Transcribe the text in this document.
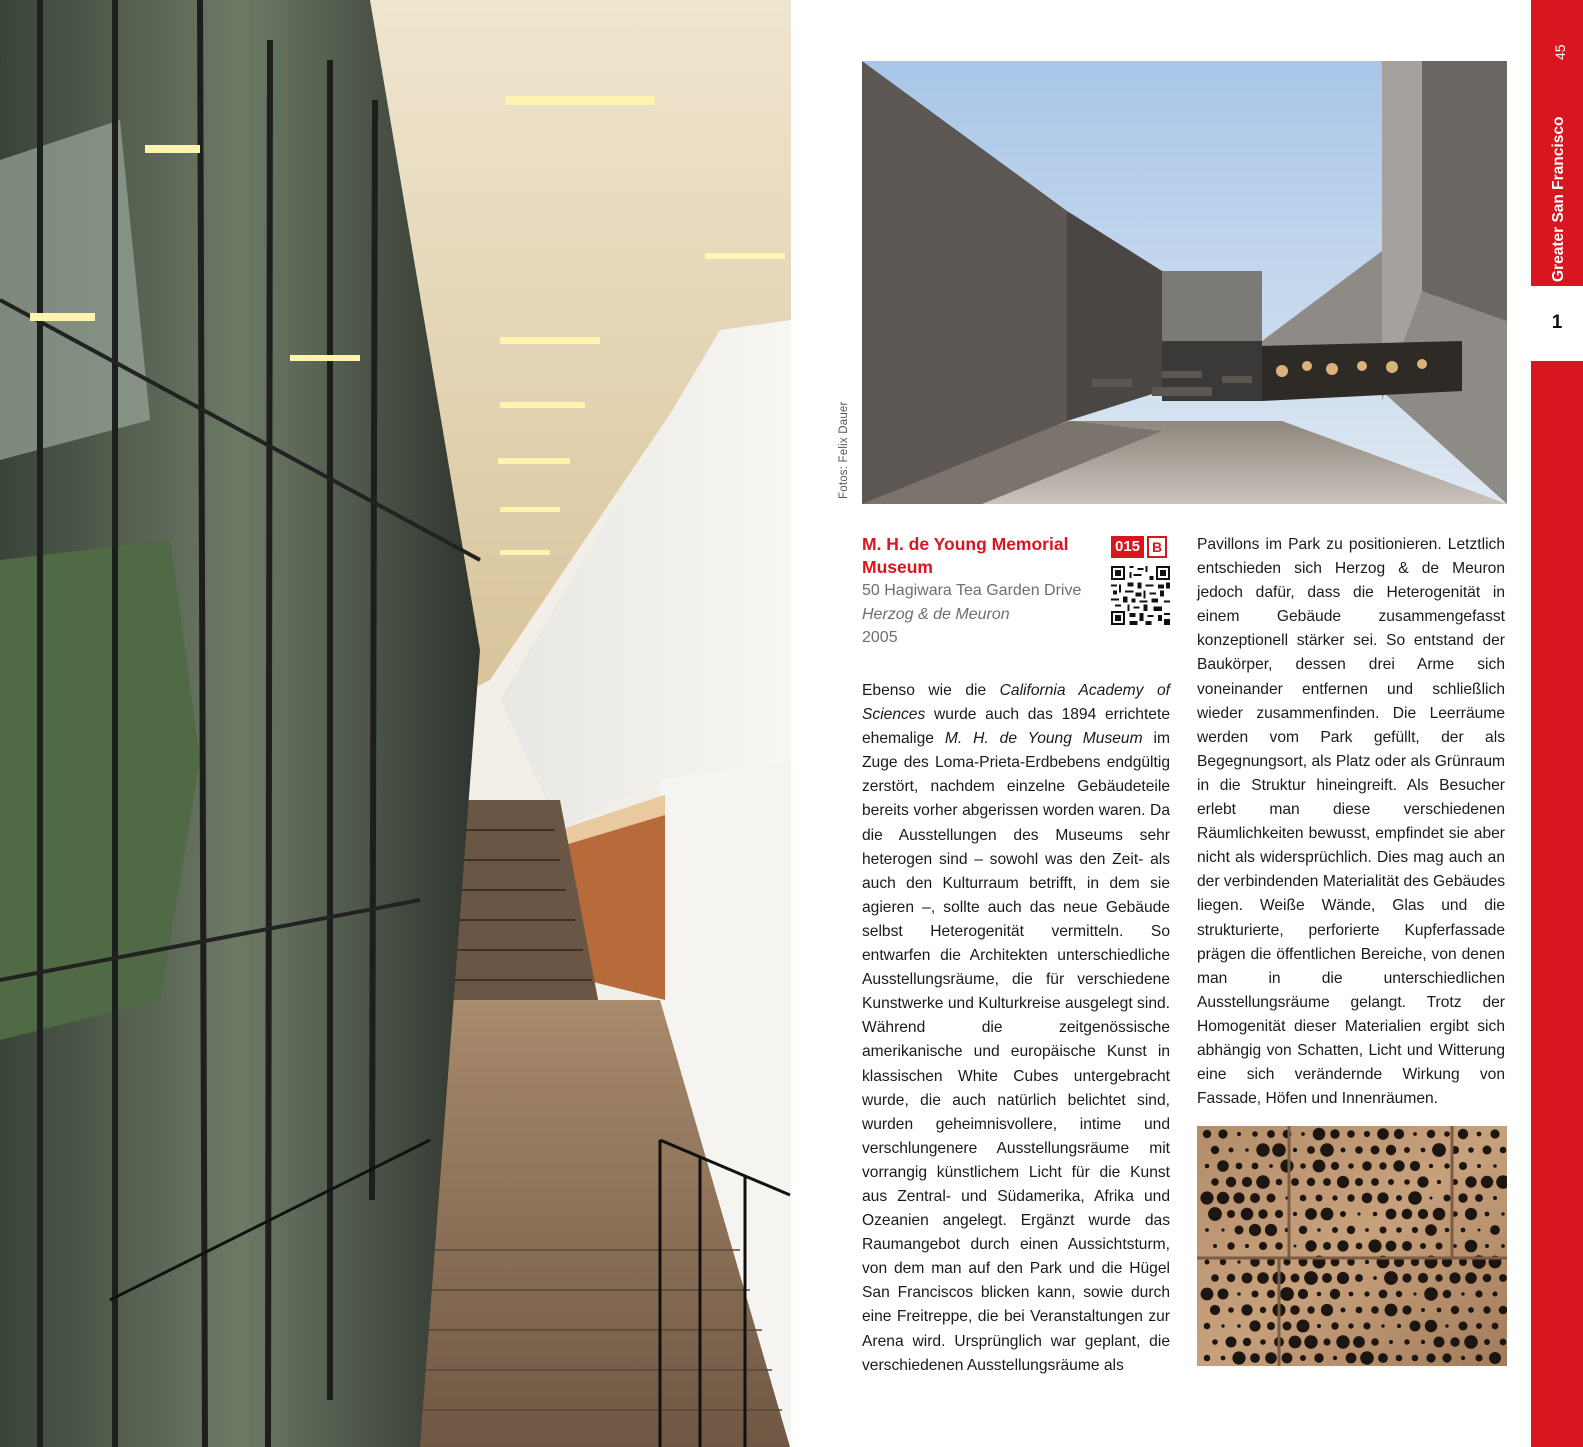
44
Fotos: Felix Dauer
M. H. de Young Memorial Museum
50 Hagiwara Tea Garden Drive
Herzog & de Meuron
2005
015 B
Ebenso wie die California Academy of Sciences wurde auch das 1894 errichtete ehemalige M. H. de Young Museum im Zuge des Loma-Prieta-Erdbebens endgültig zerstört, nachdem einzelne Gebäudeteile bereits vorher abgerissen worden waren. Da die Ausstellungen des Museums sehr heterogen sind – sowohl was den Zeit- als auch den Kulturraum betrifft, in dem sie agieren –, sollte auch das neue Gebäude selbst Heterogenität vermitteln. So entwarfen die Architekten unterschiedliche Ausstellungsräume, die für verschiedene Kunstwerke und Kulturkreise ausgelegt sind. Während die zeitgenössische amerikanische und europäische Kunst in klassischen White Cubes untergebracht wurde, die auch natürlich belichtet sind, wurden geheimnisvollere, intime und verschlungenere Ausstellungsräume mit vorrangig künstlichem Licht für die Kunst aus Zentral- und Südamerika, Afrika und Ozeanien angelegt. Ergänzt wurde das Raumangebot durch einen Aussichtsturm, von dem man auf den Park und die Hügel San Franciscos blicken kann, sowie durch eine Freitreppe, die bei Veranstaltungen zur Arena wird. Ursprünglich war geplant, die verschiedenen Ausstellungsräume als
Pavillons im Park zu positionieren. Letztlich entschieden sich Herzog & de Meuron jedoch dafür, dass die Heterogenität in einem Gebäude zusammengefasst konzeptionell stärker sei. So entstand der Baukörper, dessen drei Arme sich voneinander entfernen und schließlich wieder zusammenfinden. Die Leerräume werden vom Park gefüllt, der als Begegnungsort, als Platz oder als Grünraum in die Struktur hineingreift. Als Besucher erlebt man diese verschiedenen Räumlichkeiten bewusst, empfindet sie aber nicht als widersprüchlich. Dies mag auch an der verbindenden Materialität des Gebäudes liegen. Weiße Wände, Glas und die strukturierte, perforierte Kupferfassade prägen die öffentlichen Bereiche, von denen man in die unterschiedlichen Ausstellungsräume gelangt. Trotz der Homogenität dieser Materialien ergibt sich abhängig von Schatten, Licht und Witterung eine sich verändernde Wirkung von Fassade, Höfen und Innenräumen.
45
Greater San Francisco
1
